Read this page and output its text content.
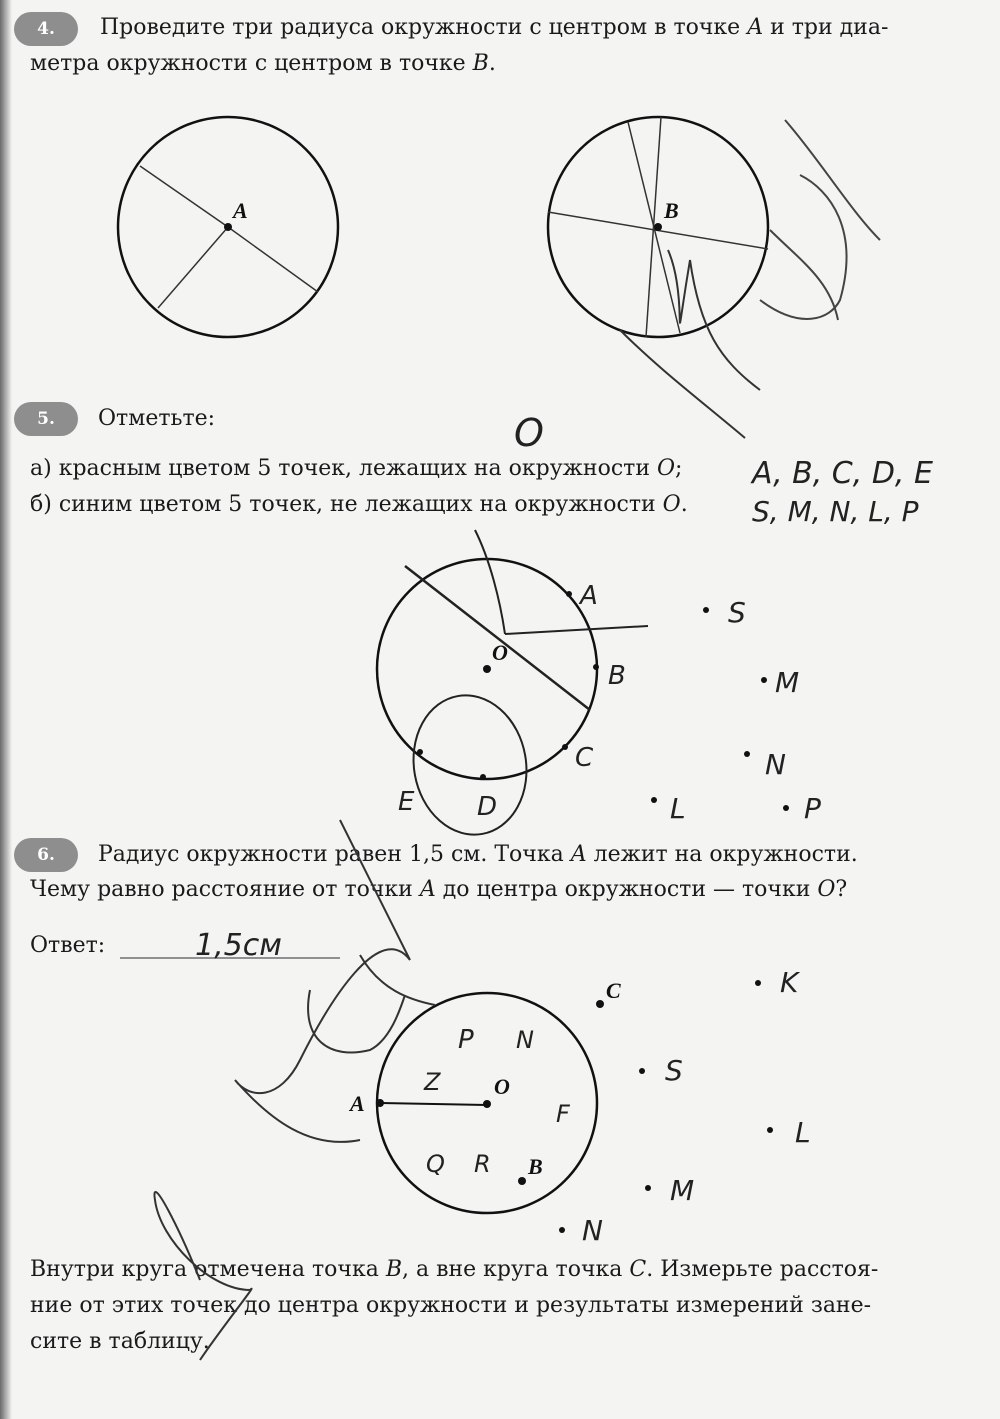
4.	Проведите три радиуса окружности с центром в точке A и три диа-
метра окружности с центром в точке B.
5.	Отметьте:
а) красным цветом 5 точек, лежащих на окружности O;
б) синим цветом 5 точек, не лежащих на окружности O.
6.	Радиус окружности равен 1,5 см. Точка A лежит на окружности.
Чему равно расстояние от точки A до центра окружности — точки O?
Ответ:
Внутри круга отмечена точка B, а вне круга точка C. Измерьте расстоя-
ние от этих точек до центра окружности и результаты измерений зане-
сите в таблицу.
A	B
O
A, B, C, D, E
S, M, N, L, P
O
A
B
C
D
E
S
M
N
L	P
1,5см
A
O
B
C
P N
Z
F
Q R
K
S
L
M
N
